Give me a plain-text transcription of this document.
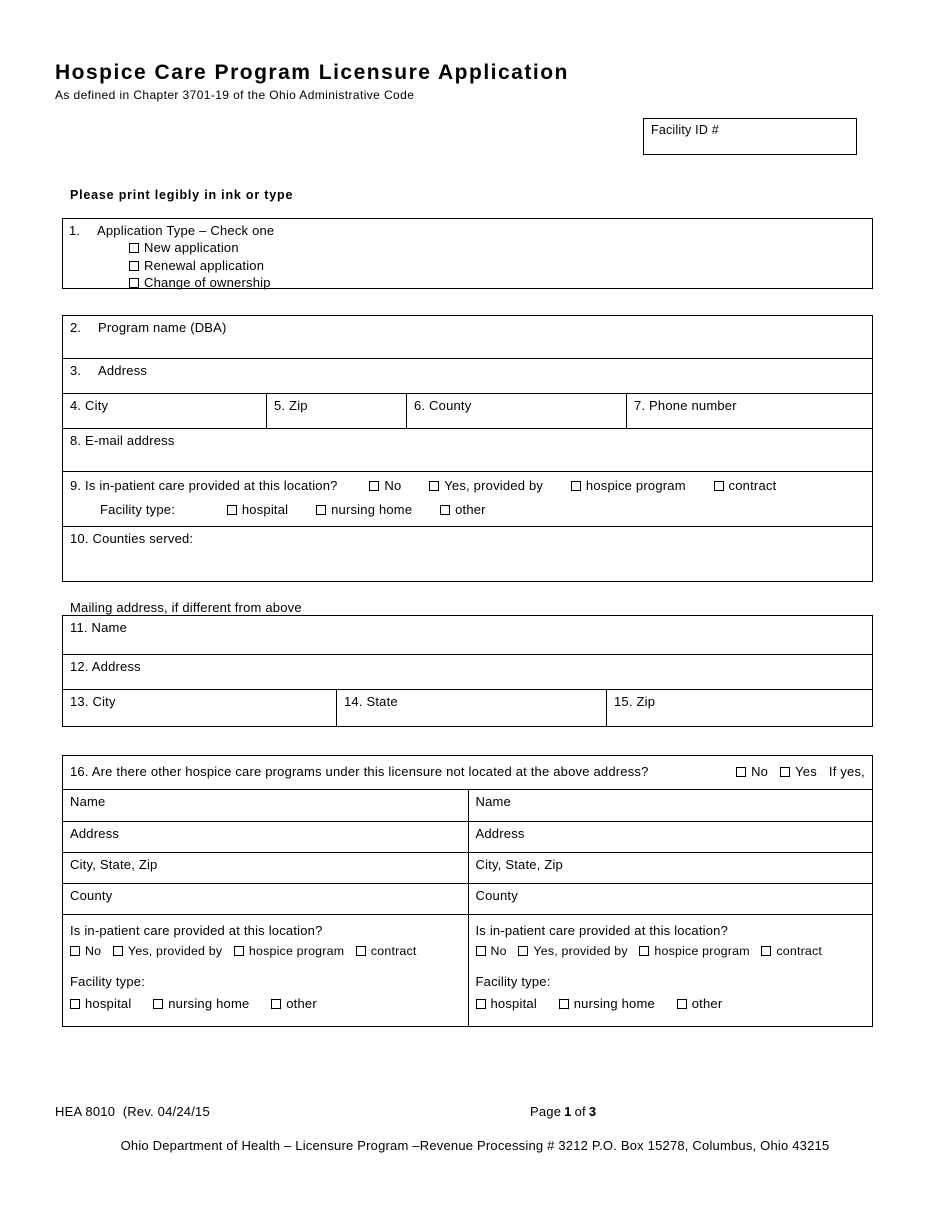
Hospice Care Program Licensure Application
As defined in Chapter 3701-19 of the Ohio Administrative Code
Facility ID #
Please print legibly in ink or type
1. Application Type – Check one
New application
Renewal application
Change of ownership
2. Program name (DBA)
3. Address
4. City	5. Zip	6. County	7. Phone number
8. E-mail address
9. Is in-patient care provided at this location?	No	Yes, provided by	hospice program	contract
Facility type:	hospital	nursing home	other
10. Counties served:
Mailing address, if different from above
11. Name
12. Address
13. City	14. State	15. Zip
16. Are there other hospice care programs under this licensure not located at the above address?	No	Yes If yes,
Name
Address
City, State, Zip
County
Is in-patient care provided at this location?
No Yes, provided by hospice program contract
Facility type:
hospital	nursing home	other
Name
Address
City, State, Zip
County
Is in-patient care provided at this location?
No Yes, provided by hospice program contract
Facility type:
hospital	nursing home	other
HEA 8010  (Rev. 04/24/15	Page 1 of 3
Ohio Department of Health – Licensure Program –Revenue Processing # 3212 P.O. Box 15278, Columbus, Ohio 43215
